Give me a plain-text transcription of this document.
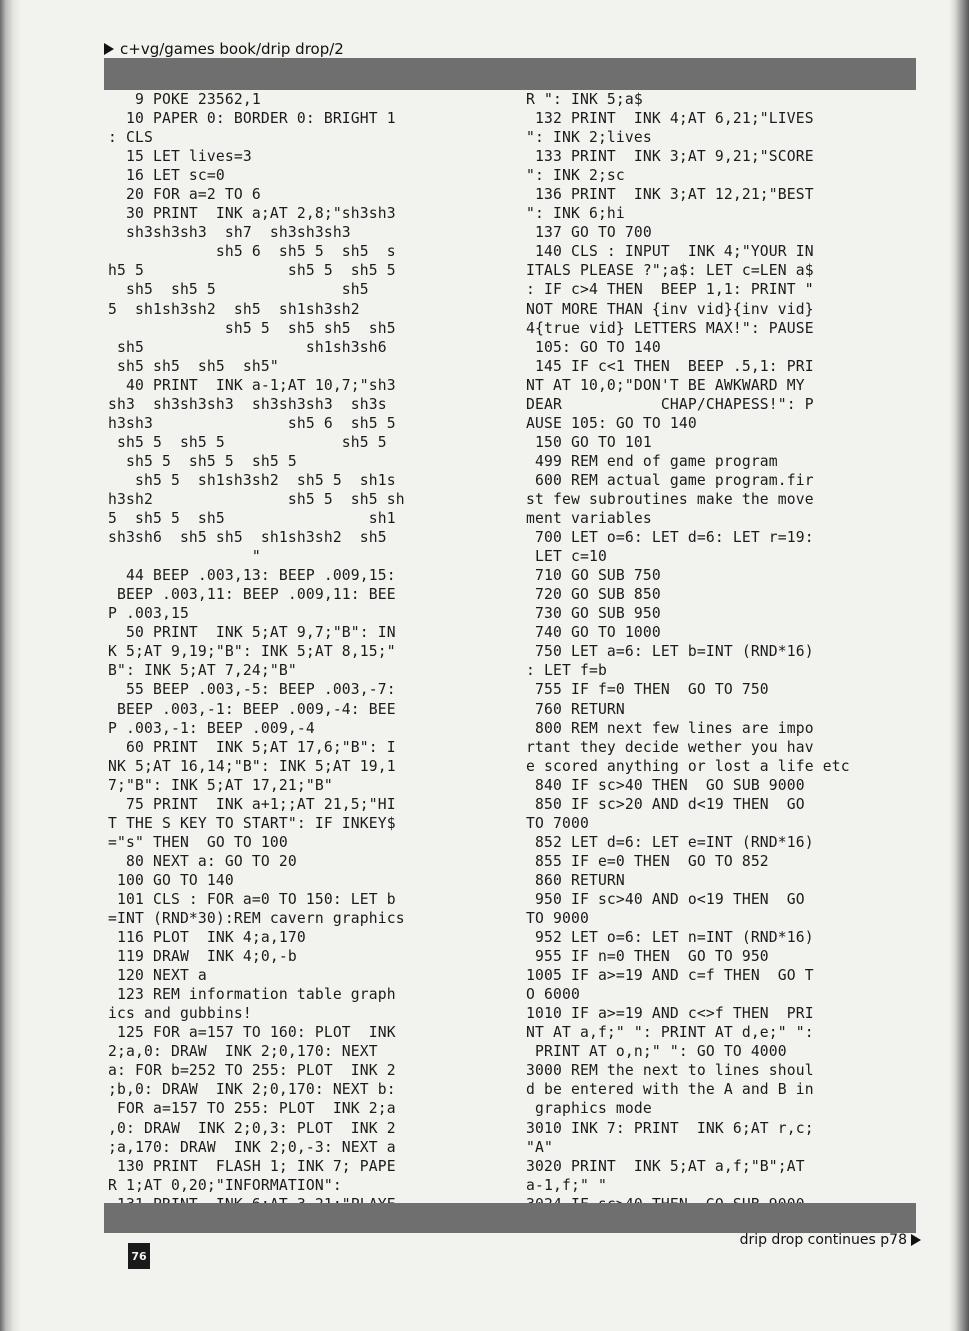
c+vg/games book/drip drop/2
9 POKE 23562,1
10 PAPER 0: BORDER 0: BRIGHT 1
: CLS
15 LET lives=3
16 LET sc=0
20 FOR a=2 TO 6
30 PRINT  INK a;AT 2,8;"sh3sh3
sh3sh3sh3  sh7  sh3sh3sh3
sh5 6  sh5 5  sh5  s
h5 5                sh5 5  sh5 5
sh5  sh5 5              sh5
5  sh1sh3sh2  sh5  sh1sh3sh2
sh5 5  sh5 sh5  sh5
sh5                  sh1sh3sh6
sh5 sh5  sh5  sh5"
40 PRINT  INK a-1;AT 10,7;"sh3
sh3  sh3sh3sh3  sh3sh3sh3  sh3s
h3sh3               sh5 6  sh5 5
sh5 5  sh5 5             sh5 5
sh5 5  sh5 5  sh5 5
sh5 5  sh1sh3sh2  sh5 5  sh1s
h3sh2               sh5 5  sh5 sh
5  sh5 5  sh5                sh1
sh3sh6  sh5 sh5  sh1sh3sh2  sh5
"
44 BEEP .003,13: BEEP .009,15:
BEEP .003,11: BEEP .009,11: BEE
P .003,15
50 PRINT  INK 5;AT 9,7;"B": IN
K 5;AT 9,19;"B": INK 5;AT 8,15;"
B": INK 5;AT 7,24;"B"
55 BEEP .003,-5: BEEP .003,-7:
BEEP .003,-1: BEEP .009,-4: BEE
P .003,-1: BEEP .009,-4
60 PRINT  INK 5;AT 17,6;"B": I
NK 5;AT 16,14;"B": INK 5;AT 19,1
7;"B": INK 5;AT 17,21;"B"
75 PRINT  INK a+1;;AT 21,5;"HI
T THE S KEY TO START": IF INKEY$
="s" THEN  GO TO 100
80 NEXT a: GO TO 20
100 GO TO 140
101 CLS : FOR a=0 TO 150: LET b
=INT (RND*30):REM cavern graphics
116 PLOT  INK 4;a,170
119 DRAW  INK 4;0,-b
120 NEXT a
123 REM information table graph
ics and gubbins!
125 FOR a=157 TO 160: PLOT  INK
2;a,0: DRAW  INK 2;0,170: NEXT
a: FOR b=252 TO 255: PLOT  INK 2
;b,0: DRAW  INK 2;0,170: NEXT b:
FOR a=157 TO 255: PLOT  INK 2;a
,0: DRAW  INK 2;0,3: PLOT  INK 2
;a,170: DRAW  INK 2;0,-3: NEXT a
130 PRINT  FLASH 1; INK 7; PAPE
R 1;AT 0,20;"INFORMATION":

R ": INK 5;a$
132 PRINT  INK 4;AT 6,21;"LIVES
": INK 2;lives
133 PRINT  INK 3;AT 9,21;"SCORE
": INK 2;sc
136 PRINT  INK 3;AT 12,21;"BEST
": INK 6;hi
137 GO TO 700
140 CLS : INPUT  INK 4;"YOUR IN
ITALS PLEASE ?";a$: LET c=LEN a$
: IF c>4 THEN  BEEP 1,1: PRINT "
NOT MORE THAN {inv vid}{inv vid}
4{true vid} LETTERS MAX!": PAUSE
105: GO TO 140
145 IF c<1 THEN  BEEP .5,1: PRI
NT AT 10,0;"DON'T BE AWKWARD MY
DEAR           CHAP/CHAPESS!": P
AUSE 105: GO TO 140
150 GO TO 101
499 REM end of game program
600 REM actual game program.fir
st few subroutines make the move
ment variables
700 LET o=6: LET d=6: LET r=19:
LET c=10
710 GO SUB 750
720 GO SUB 850
730 GO SUB 950
740 GO TO 1000
750 LET a=6: LET b=INT (RND*16)
: LET f=b
755 IF f=0 THEN  GO TO 750
760 RETURN
800 REM next few lines are impo
rtant they decide wether you hav
e scored anything or lost a life etc
840 IF sc>40 THEN  GO SUB 9000
850 IF sc>20 AND d<19 THEN  GO
TO 7000
852 LET d=6: LET e=INT (RND*16)
855 IF e=0 THEN  GO TO 852
860 RETURN
950 IF sc>40 AND o<19 THEN  GO
TO 9000
952 LET o=6: LET n=INT (RND*16)
955 IF n=0 THEN  GO TO 950
1005 IF a>=19 AND c=f THEN  GO T
O 6000
1010 IF a>=19 AND c<>f THEN  PRI
NT AT a,f;" ": PRINT AT d,e;" ":
PRINT AT o,n;" ": GO TO 4000
3000 REM the next to lines shoul
d be entered with the A and B in
graphics mode
3010 INK 7: PRINT  INK 6;AT r,c;
"A"
3020 PRINT  INK 5;AT a,f;"B";AT
a-1,f;" "

drip drop continues p78
76
